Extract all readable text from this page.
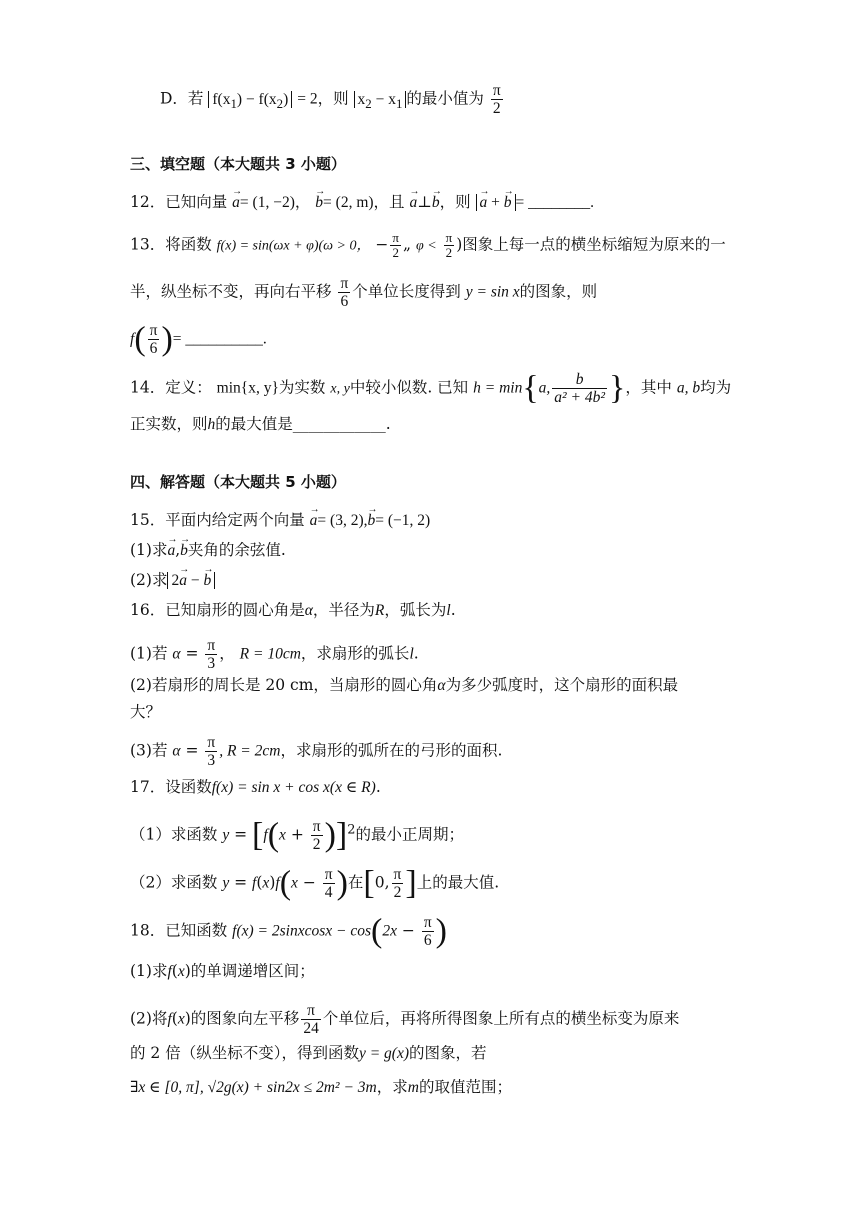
D．若 $f(x_1) - f(x_2) = 2$，则 $x_2 - x_1$ 的最小值为 $\frac{\pi}{2}$
三、填空题（本大题共 3 小题）
12．已知向量 → a= (1, −2)， → b= (2, m)，且 → a⊥→ b，则 → a + → b = ________.
13．将函数 f(x) = sin(ωx + φ)(ω > 0， − $\frac{\pi}{2}$ „ $\varphi < \frac{\pi}{2}$ )图象上每一点的横坐标缩短为原来的一
半，纵坐标不变，再向右平移 $\frac{\pi}{6}$ 个单位长度得到 y = sin x的图象，则
$f( \frac{\pi}{6}$ )= __________.
14．定义： min{x, y}为实数 x, y中较小似数. 已知 h = min{a, $\frac{b}{\text{a² + 4b²}}$ }，其中 a, b均为
正实数，则h的最大值是____________.
四、解答题（本大题共 5 小题）
15．平面内给定两个向量 → a= (3, 2),→ b= (−1, 2)
(1)求→ a,→ b夹角的余弦值.
(2)求 2→ a − → b
16．已知扇形的圆心角是α，半径为R，弧长为l.
(1)若 $\alpha = \frac{\pi}{3}$ ， R = 10cm，求扇形的弧长l.
(2)若扇形的周长是 20 cm，当扇形的圆心角α为多少弧度时，这个扇形的面积最
大？
(3)若 $\alpha = \frac{\pi}{3}$ , R = 2cm，求扇形的弧所在的弓形的面积.
17．设函数f(x) = sin x + cos x(x ∈ R).
（1）求函数 $y = [f(x + \frac{\pi}{2} )]^2$的最小正周期；
（2）求函数 $y = f(x)f(x - \frac{\pi}{4}$ )在[0, $\frac{\pi}{2}$ ]上的最大值.
18．已知函数 f(x) = 2sinxcosx − $\cos(2x - \frac{\pi}{6}$ )
(1)求f(x)的单调递增区间；
(2)将f(x)的图象向左平移 $\frac{\pi}{24}$ 个单位后，再将所得图象上所有点的横坐标变为原来
的 2 倍（纵坐标不变），得到函数y = g(x)的图象，若
∃x ∈ [0, π], √2g(x) + sin2x ≤ 2m² − 3m，求m的取值范围；
